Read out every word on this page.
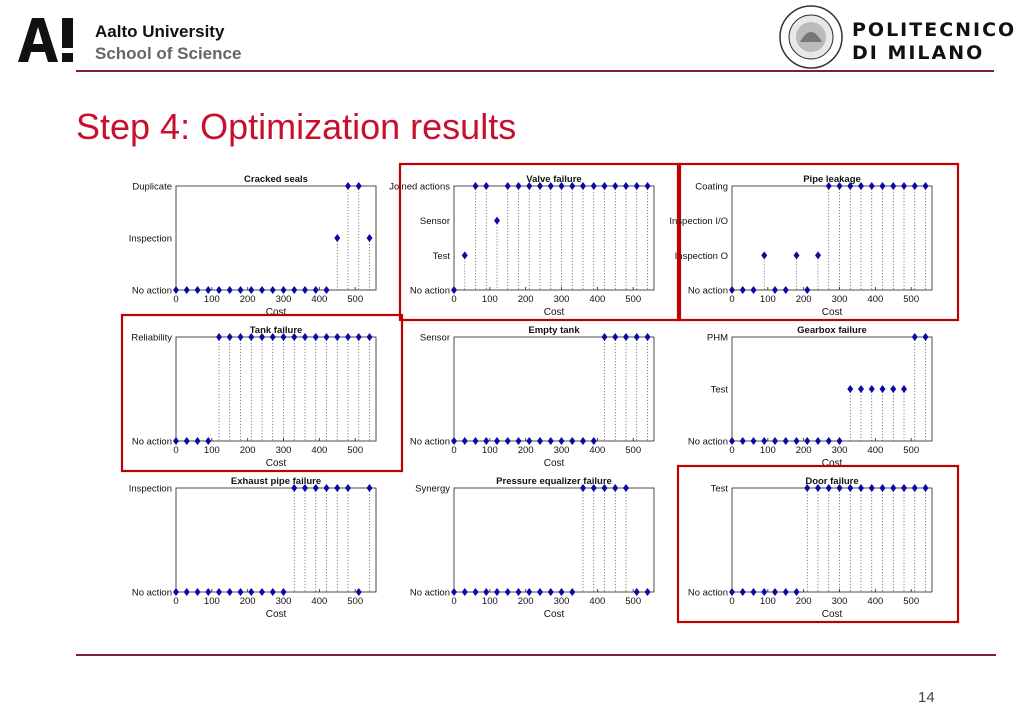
Aalto University
School of Science
POLITECNICO
DI MILANO
Step 4: Optimization results
No action
Inspection
Duplicate
0	100 200 300 400 500
Cost
Cracked seals
No action
Test
Sensor
Joined actions
0	100 200 300 400 500
Cost
Valve failure
No action
Inspection O
Inspection I/O
Coating
0	100 200 300 400 500
Cost
Pipe leakage
No action
Reliability
0	100 200 300 400 500
Cost
Tank failure
No action
Sensor
0	100 200 300 400 500
Cost
Empty tank
No action
Test
PHM
0	100 200 300 400 500
Cost
Gearbox failure
No action
Inspection
0	100 200 300 400 500
Cost
Exhaust pipe failure
No action
Synergy
0	100 200 300 400 500
Cost
Pressure equalizer failure
No action
Test
0	100 200 300 400 500
Cost
Door failure
14
